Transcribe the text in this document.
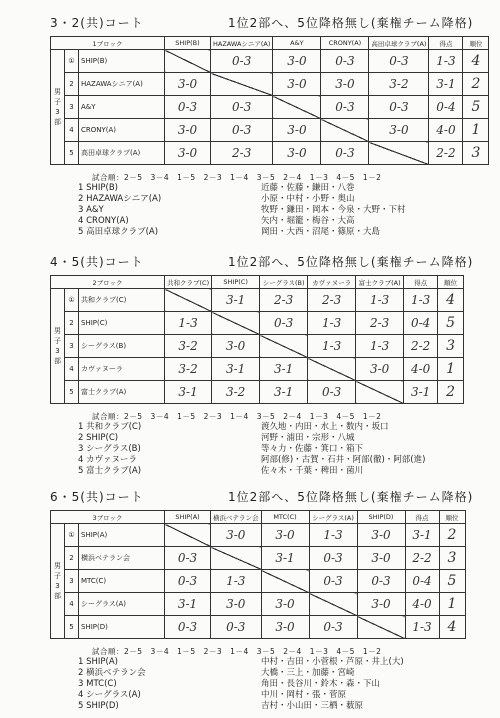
3・2(共)コート	1位2部へ、5位降格無し(棄権チーム降格)
1ブロック			SHIP(B)	HAZAWAシニア(A)	A&Y	CRONY(A)	高田卓球クラブ(A)	得点	順位
男子
3部	①	SHIP(B)		0-3	3-0	0-3	0-3	1-3	4
	2	HAZAWAシニア(A)	3-0		3-0	3-0	3-2	3-1	2
	3	A&Y	0-3	0-3		0-3	0-3	0-4	5
	4	CRONY(A)	3-0	0-3	3-0		3-0	4-0	1
	5	高田卓球クラブ(A)	3-0	2-3	3-0	0-3		2-2	3
試合順：2－5　3－4　1－5　2－3　1－4　3－5　2－4　1－3　4－5　1－2
1 SHIP(B)	近藤・佐藤・鎌田・八巻
2 HAZAWAシニア(A)	小原・中村・小野・奥山
3 A&Y	牧野・鎌田・岡本・今泉・大野・下村
4 CRONY(A)	矢内・堀籠・梅谷・大高
5 高田卓球クラブ(A)	岡田・大西・沼尾・篠原・大島
4・5(共)コート	1位2部へ、5位降格無し(棄権チーム降格)
2ブロック			共和クラブ(C)	SHIP(C)	シーグラス(B)	カヴァヌーラ	富士クラブ(A)	得点	順位
男子
3部	①	共和クラブ(C)		3-1	2-3	2-3	1-3	1-3	4
	2	SHIP(C)	1-3		0-3	1-3	2-3	0-4	5
	3	シーグラス(B)	3-2	3-0		1-3	1-3	2-2	3
	4	カヴァヌーラ	3-2	3-1	3-1		3-0	4-0	1
	5	富士クラブ(A)	3-1	3-2	3-1	0-3		3-1	2
試合順：2－5　3－4　1－5　2－3　1－4　3－5　2－4　1－3　4－5　1－2
1 共和クラブ(C)	渡久地・内田・水上・数内・坂口
2 SHIP(C)	河野・浦田・宗形・八城
3 シーグラス(B)	等々力・佐藤・箕口・箱下
4 カヴァヌーラ	阿部(修)・古賀・石井・阿部(徹)・阿部(進)
5 富士クラブ(A)	佐々木・千葉・稗田・菌川
6・5(共)コート	1位2部へ、5位降格無し(棄権チーム降格)
3ブロック			SHIP(A)	横浜ベテラン会	MTC(C)	シーグラス(A)	SHIP(D)	得点	順位
男子
3部	①	SHIP(A)		3-0	3-0	1-3	3-0	3-1	2
	2	横浜ベテラン会	0-3		3-1	0-3	3-0	2-2	3
	3	MTC(C)	0-3	1-3		0-3	0-3	0-4	5
	4	シーグラス(A)	3-1	3-0	3-0		3-0	4-0	1
	5	SHIP(D)	0-3	0-3	3-0	0-3		1-3	4
試合順：2－5　3－4　1－5　2－3　1－4　3－5　2－4　1－3　4－5　1－2
1 SHIP(A)	中村・吉田・小菅根・芦原・井上(大)
2 横浜ベテラン会	大橋・三上・加藤・宮崎
3 MTC(C)	角田・長谷川・鈴木・森・下山
4 シーグラス(A)	中川・岡村・張・菅原
5 SHIP(D)	吉村・小山田・三栖・薮原
